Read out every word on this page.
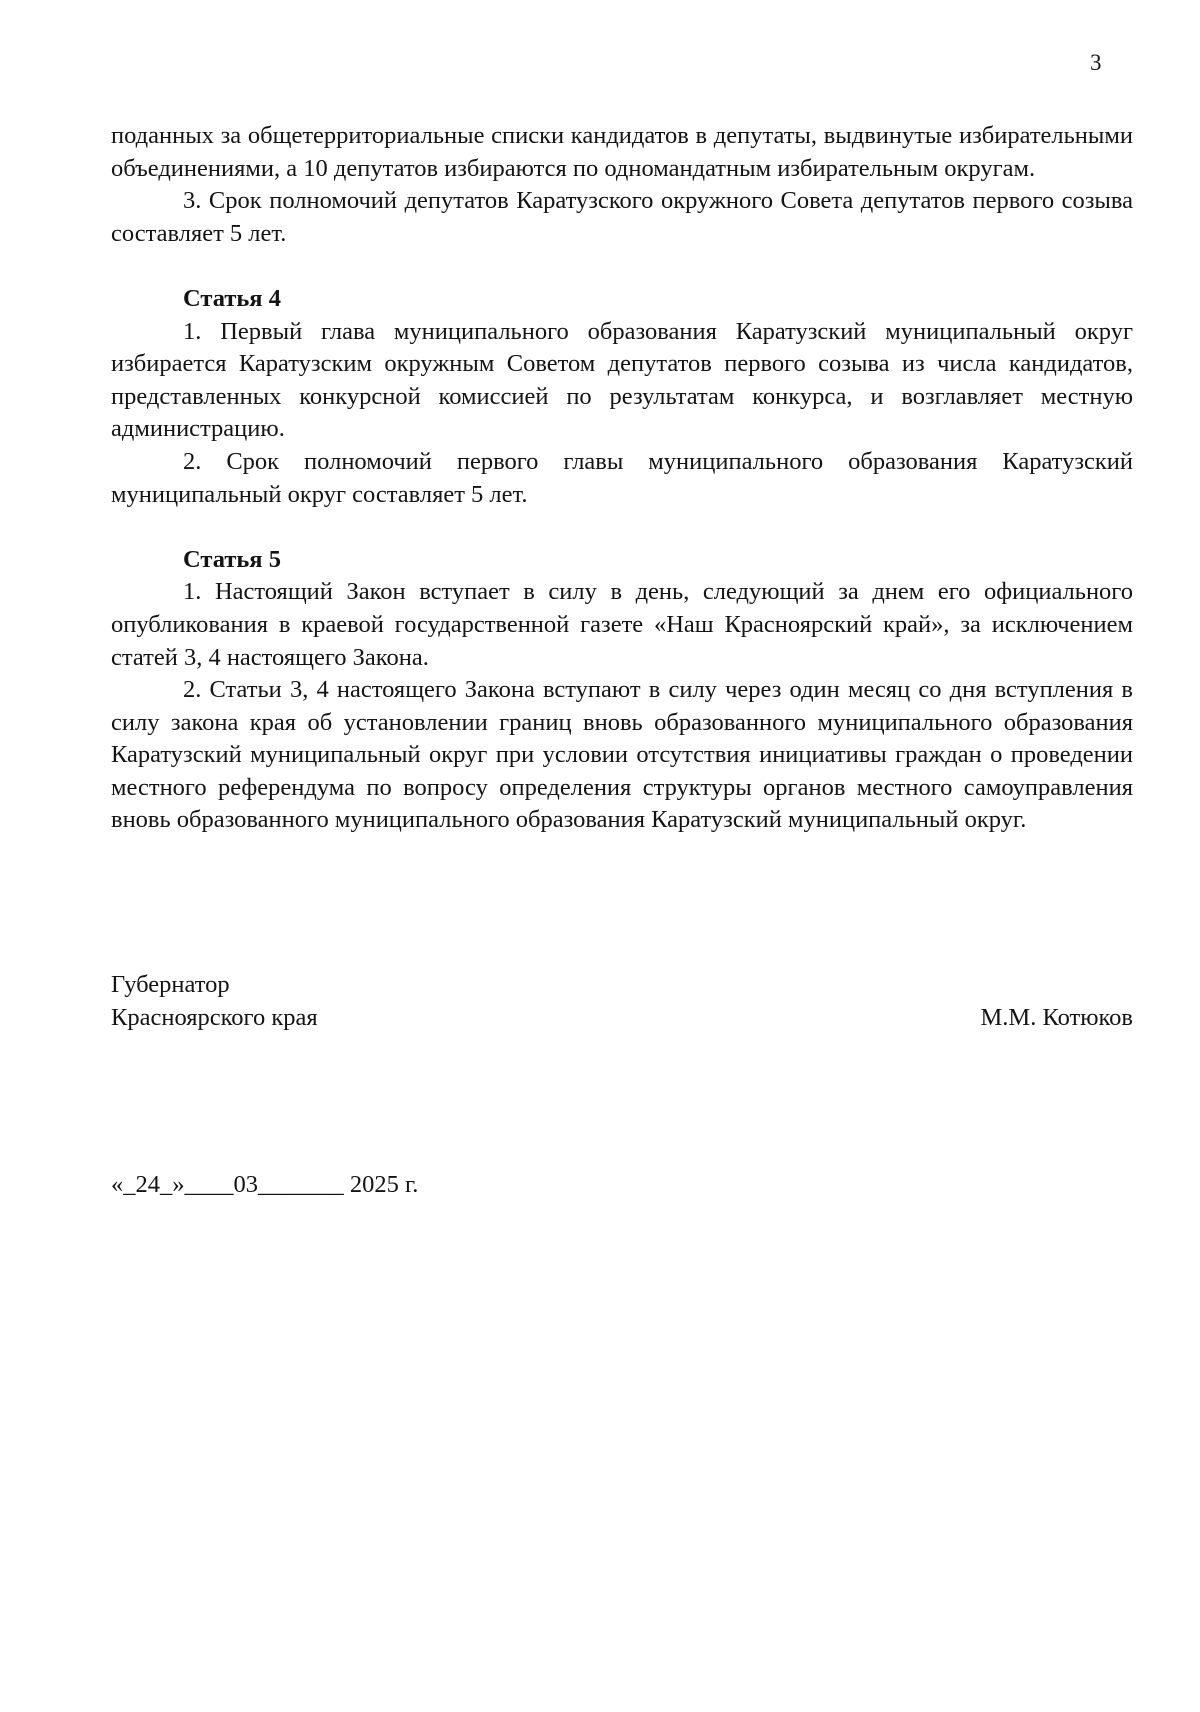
3

поданных за общетерриториальные списки кандидатов в депутаты, выдвинутые избирательными объединениями, а 10 депутатов избираются по одномандатным избирательным округам.

3. Срок полномочий депутатов Каратузского окружного Совета депутатов первого созыва составляет 5 лет.

Статья 4

1. Первый глава муниципального образования Каратузский муниципальный округ избирается Каратузским окружным Советом депутатов первого созыва из числа кандидатов, представленных конкурсной комиссией по результатам конкурса, и возглавляет местную администрацию.

2. Срок полномочий первого главы муниципального образования Каратузский муниципальный округ составляет 5 лет.

Статья 5

1. Настоящий Закон вступает в силу в день, следующий за днем его официального опубликования в краевой государственной газете «Наш Красноярский край», за исключением статей 3, 4 настоящего Закона.

2. Статьи 3, 4 настоящего Закона вступают в силу через один месяц со дня вступления в силу закона края об установлении границ вновь образованного муниципального образования Каратузский муниципальный округ при условии отсутствия инициативы граждан о проведении местного референдума по вопросу определения структуры органов местного самоуправления вновь образованного муниципального образования Каратузский муниципальный округ.

Губернатор
Красноярского края	М.М. Котюков
«_24_»____03_______ 2025 г.
